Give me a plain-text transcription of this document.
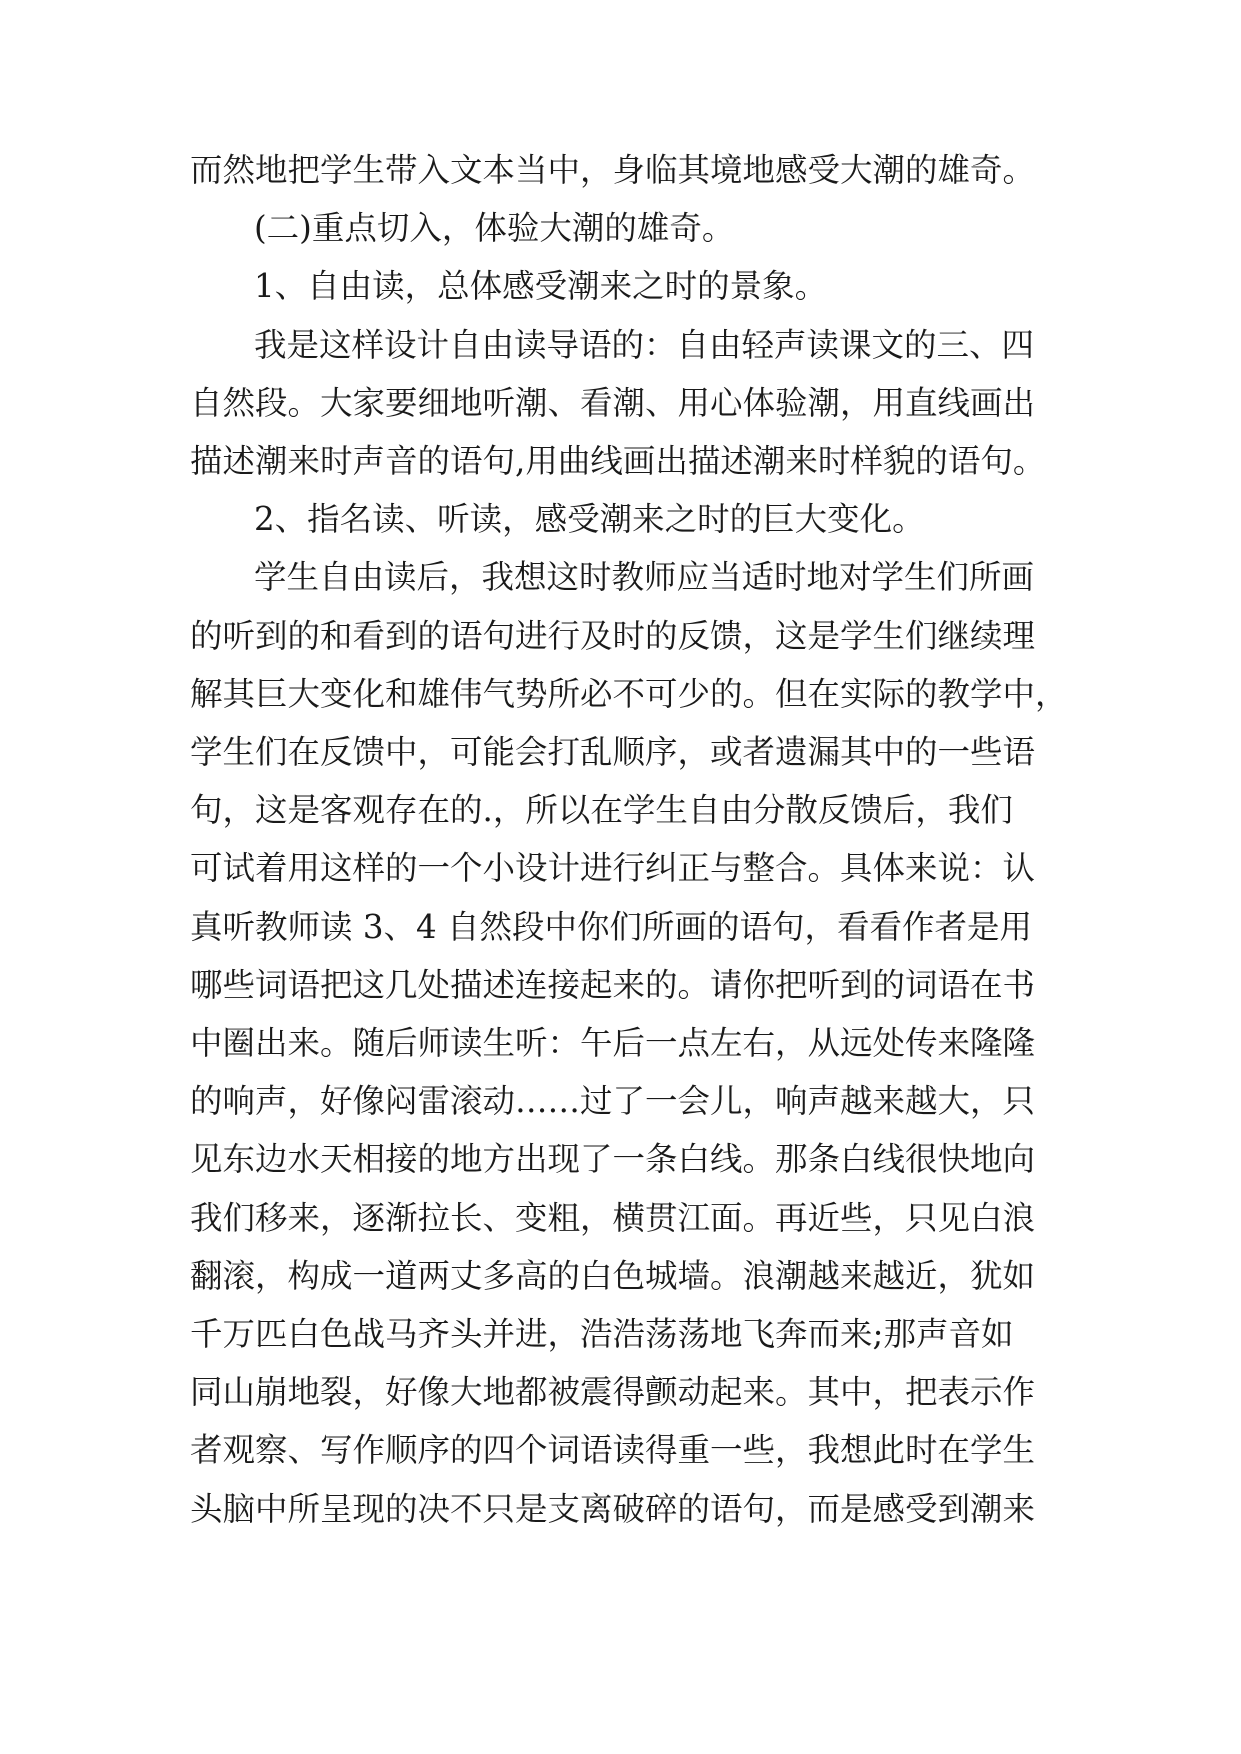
而然地把学生带入文本当中，身临其境地感受大潮的雄奇。
(二)重点切入，体验大潮的雄奇。
1、自由读，总体感受潮来之时的景象。
我是这样设计自由读导语的：自由轻声读课文的三、四
自然段。大家要细地听潮、看潮、用心体验潮，用直线画出
描述潮来时声音的语句,用曲线画出描述潮来时样貌的语句。
2、指名读、听读，感受潮来之时的巨大变化。
学生自由读后，我想这时教师应当适时地对学生们所画
的听到的和看到的语句进行及时的反馈，这是学生们继续理
解其巨大变化和雄伟气势所必不可少的。但在实际的教学中，
学生们在反馈中，可能会打乱顺序，或者遗漏其中的一些语
句，这是客观存在的.，所以在学生自由分散反馈后，我们
可试着用这样的一个小设计进行纠正与整合。具体来说：认
真听教师读 3、4 自然段中你们所画的语句，看看作者是用
哪些词语把这几处描述连接起来的。请你把听到的词语在书
中圈出来。随后师读生听：午后一点左右，从远处传来隆隆
的响声，好像闷雷滚动……过了一会儿，响声越来越大，只
见东边水天相接的地方出现了一条白线。那条白线很快地向
我们移来，逐渐拉长、变粗，横贯江面。再近些，只见白浪
翻滚，构成一道两丈多高的白色城墙。浪潮越来越近，犹如
千万匹白色战马齐头并进，浩浩荡荡地飞奔而来;那声音如
同山崩地裂，好像大地都被震得颤动起来。其中，把表示作
者观察、写作顺序的四个词语读得重一些，我想此时在学生
头脑中所呈现的决不只是支离破碎的语句，而是感受到潮来
